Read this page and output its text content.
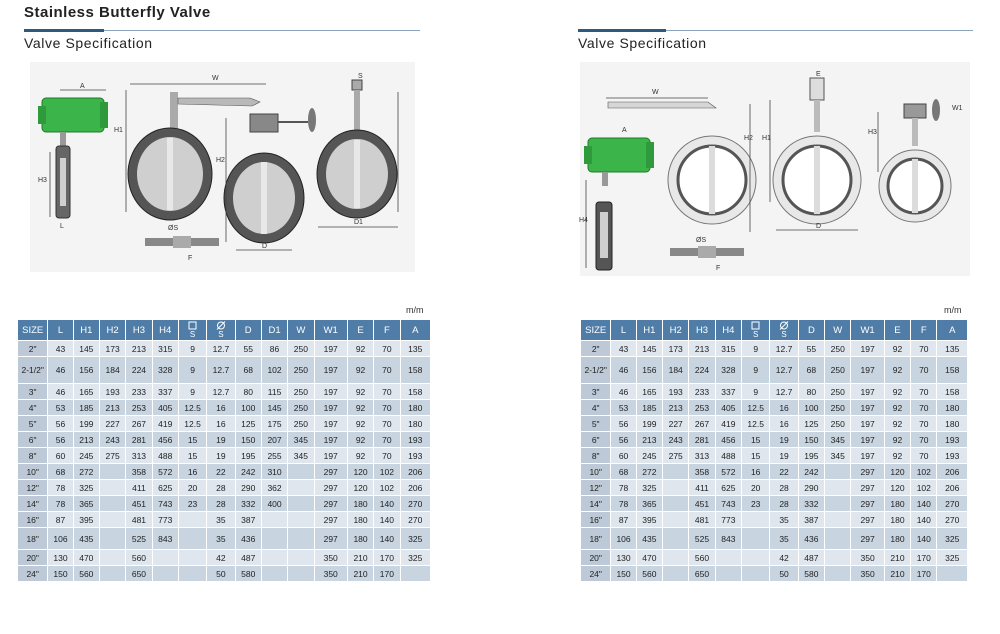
Stainless Butterfly Valve
Valve Specification	Valve Specification
A
H3
L
W
H1
ØS
F
H2
D
S
D1
W
A
H4
H2
ØS
F
E
H1
D
W1
H3
m/m	m/m
SIZE	L	H1	H2	H3	H4	S	S	D	D1	W	W1	E	F	A
2"	43	145	173	213	315	9	12.7	55	86	250	197	92	70	135
2-1/2"	46	156	184	224	328	9	12.7	68	102	250	197	92	70	158
3"	46	165	193	233	337	9	12.7	80	115	250	197	92	70	158
4"	53	185	213	253	405	12.5	16	100	145	250	197	92	70	180
5"	56	199	227	267	419	12.5	16	125	175	250	197	92	70	180
6"	56	213	243	281	456	15	19	150	207	345	197	92	70	193
8"	60	245	275	313	488	15	19	195	255	345	197	92	70	193
10"	68	272		358	572	16	22	242	310		297	120	102	206
12"	78	325		411	625	20	28	290	362		297	120	102	206
14"	78	365		451	743	23	28	332	400		297	180	140	270
16"	87	395		481	773		35	387			297	180	140	270
18"	106	435		525	843		35	436			297	180	140	325
20"	130	470		560			42	487			350	210	170	325
24"	150	560		650			50	580			350	210	170	
SIZE	L	H1	H2	H3	H4	S	S	D	W	W1	E	F	A
2"	43	145	173	213	315	9	12.7	55	250	197	92	70	135
2-1/2"	46	156	184	224	328	9	12.7	68	250	197	92	70	158
3"	46	165	193	233	337	9	12.7	80	250	197	92	70	158
4"	53	185	213	253	405	12.5	16	100	250	197	92	70	180
5"	56	199	227	267	419	12.5	16	125	250	197	92	70	180
6"	56	213	243	281	456	15	19	150	345	197	92	70	193
8"	60	245	275	313	488	15	19	195	345	197	92	70	193
10"	68	272		358	572	16	22	242		297	120	102	206
12"	78	325		411	625	20	28	290		297	120	102	206
14"	78	365		451	743	23	28	332		297	180	140	270
16"	87	395		481	773		35	387		297	180	140	270
18"	106	435		525	843		35	436		297	180	140	325
20"	130	470		560			42	487		350	210	170	325
24"	150	560		650			50	580		350	210	170	
